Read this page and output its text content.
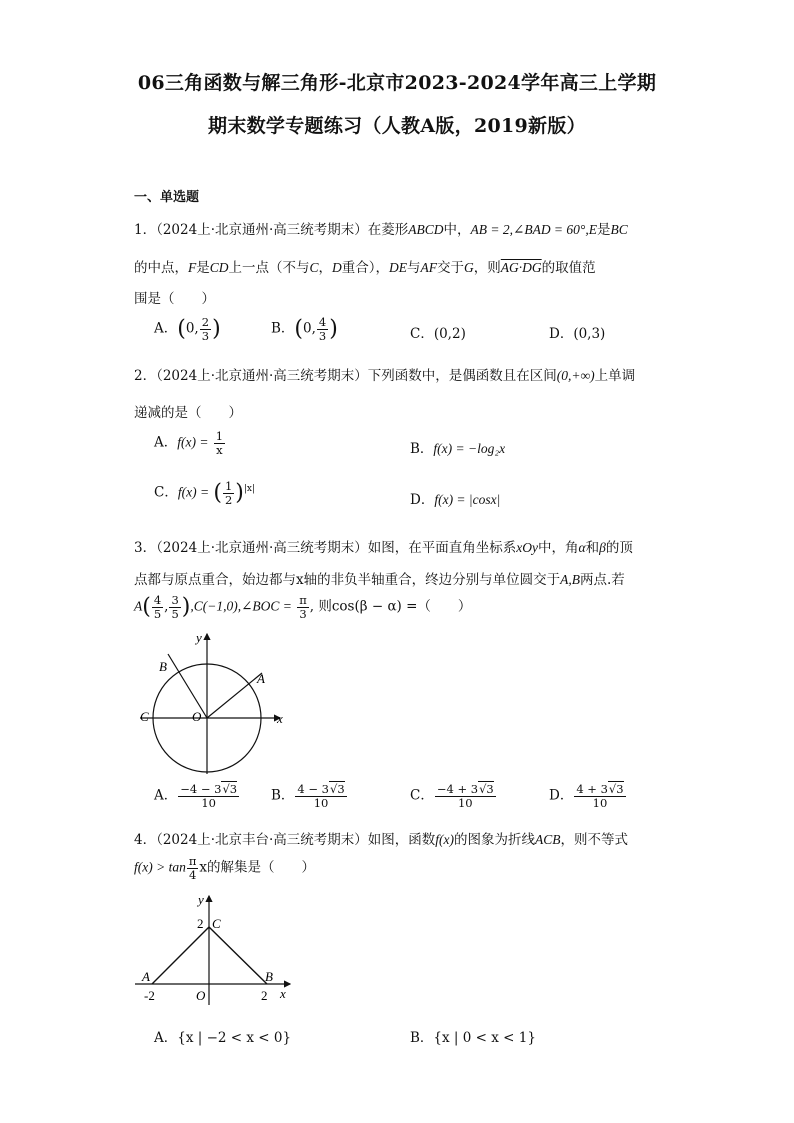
06三角函数与解三角形-北京市2023-2024学年高三上学期
期末数学专题练习（人教A版，2019新版）
一、单选题
1．（2024上·北京通州·高三统考期末）在菱形ABCD中，AB = 2,∠BAD = 60°,E是BC
的中点，F是CD上一点（不与C，D重合），DE与AF交于G，则AG·DG的取值范
围是（　　）
A．(0, $\frac{2}{3}$ )	B．(0, $\frac{4}{3}$ )	C．(0,2)	D．(0,3)
2．（2024上·北京通州·高三统考期末）下列函数中，是偶函数且在区间(0,+∞)上单调
递减的是（　　）
A．$f(x) = \frac{1}{x}$	B．f(x) = −log₂x
C．f(x) = ( $\frac{1}{2} )^{|x|}$
D．f(x) = |cosx|
3．（2024上·北京通州·高三统考期末）如图，在平面直角坐标系xOy中，角α和β的顶
点都与原点重合，始边都与x轴的非负半轴重合，终边分别与单位圆交于A,B两点.若
$A( \frac{4}{5}$ , $\frac{3}{5}$ ),C(−1,0),∠BOC = $\frac{\pi}{3}$ , 则cos(β − α) =（　　）
y
x
O
A
B
C
A． $\frac{-4 - 3√3}{10}$ B． $\frac{4 - 3√3}{10}$	C． $\frac{-4 + 3√3}{10}$	D． $\frac{4 + 3√3}{10}$
4．（2024上·北京丰台·高三统考期末）如图，函数f(x)的图象为折线ACB，则不等式
$f(x) > \tan \frac{\pi}{4}$ x的解集是（　　）
y
x
O
2 C
A	B
-2	2
A．{x | −2 < x < 0}	B．{x | 0 < x < 1}
